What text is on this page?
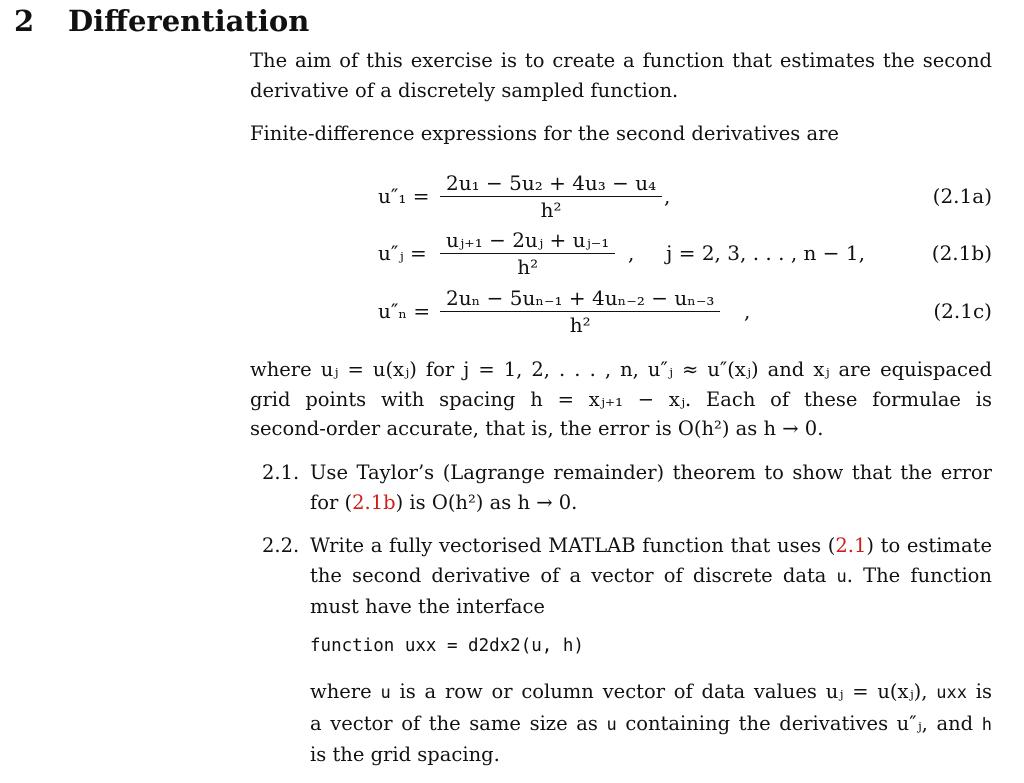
2 Differentiation
The aim of this exercise is to create a function that estimates the second
derivative of a discretely sampled function.
Finite-difference expressions for the second derivatives are
$u''_1 = \frac{\text{2u₁ − 5u₂ + 4u₃ − u₄}}{\text{h²}}$ ,	(2.1a)
u″ⱼ = $\frac{\text{uⱼ₊₁ − 2uⱼ + uⱼ₋₁}}{\text{h²}}$ ,     j = 2, 3, . . . , n − 1,	(2.1b)
$u''_n = \frac{\text{2uₙ − 5uₙ₋₁ + 4uₙ₋₂ − uₙ₋₃}}{\text{h²}}$ ,	(2.1c)
where uⱼ = u(xⱼ) for j = 1, 2, . . . , n, u″ⱼ ≈ u″(xⱼ) and xⱼ are equispaced
grid points with spacing h = xⱼ₊₁ − xⱼ. Each of these formulae is
second-order accurate, that is, the error is O(h²) as h → 0.
2.1. Use Taylor’s (Lagrange remainder) theorem to show that the error
for (2.1b) is O(h²) as h → 0.
2.2. Write a fully vectorised MATLAB function that uses (2.1) to estimate
the second derivative of a vector of discrete data u. The function
must have the interface
function uxx = d2dx2(u, h)
where u is a row or column vector of data values uⱼ = u(xⱼ), uxx is
a vector of the same size as u containing the derivatives u″ⱼ, and h
is the grid spacing.
